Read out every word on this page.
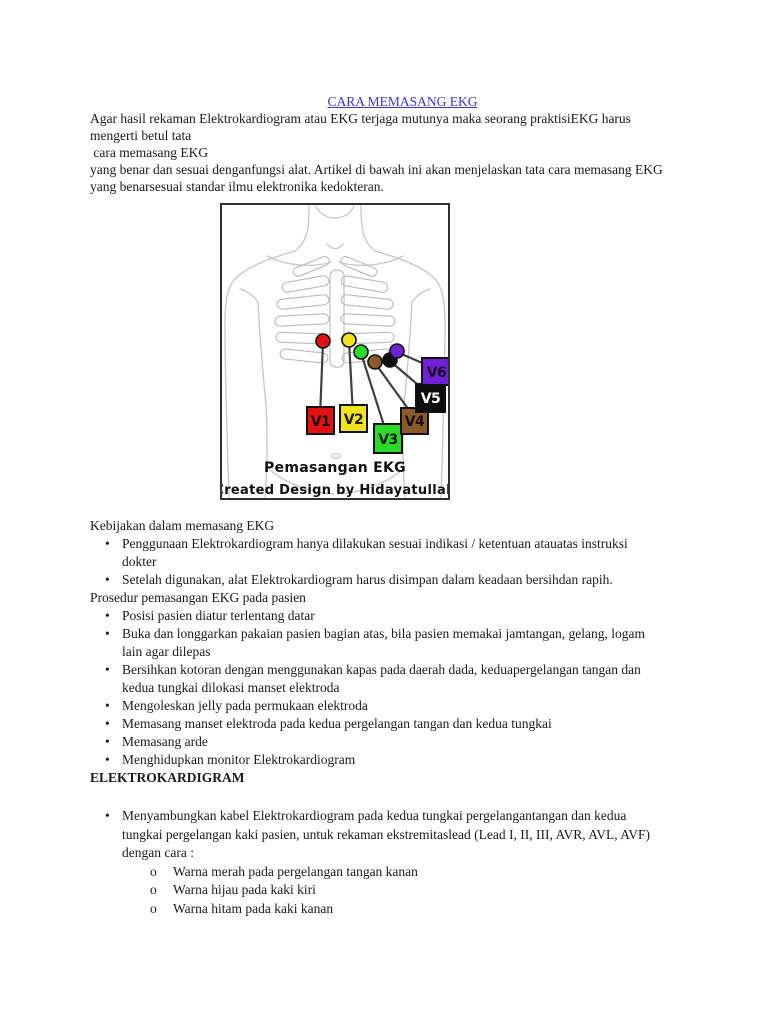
CARA MEMASANG EKG
Agar hasil rekaman Elektrokardiogram atau EKG terjaga mutunya maka seorang praktisiEKG harus
mengerti betul tata
cara memasang EKG
yang benar dan sesuai denganfungsi alat. Artikel di bawah ini akan menjelaskan tata cara memasang EKG
yang benarsesuai standar ilmu elektronika kedokteran.
V1 V2
V3
V4
V5
V6
Pemasangan EKG
Created Design by Hidayatullah
Kebijakan dalam memasang EKG
• Penggunaan Elektrokardiogram hanya dilakukan sesuai indikasi / ketentuan atauatas instruksi
dokter
• Setelah digunakan, alat Elektrokardiogram harus disimpan dalam keadaan bersihdan rapih.
Prosedur pemasangan EKG pada pasien
• Posisi pasien diatur terlentang datar
• Buka dan longgarkan pakaian pasien bagian atas, bila pasien memakai jamtangan, gelang, logam
lain agar dilepas
• Bersihkan kotoran dengan menggunakan kapas pada daerah dada, keduapergelangan tangan dan
kedua tungkai dilokasi manset elektroda
• Mengoleskan jelly pada permukaan elektroda
• Memasang manset elektroda pada kedua pergelangan tangan dan kedua tungkai
• Memasang arde
• Menghidupkan monitor Elektrokardiogram
ELEKTROKARDIGRAM
• Menyambungkan kabel Elektrokardiogram pada kedua tungkai pergelangantangan dan kedua
tungkai pergelangan kaki pasien, untuk rekaman ekstremitaslead (Lead I, II, III, AVR, AVL, AVF)
dengan cara :
o Warna merah pada pergelangan tangan kanan
o Warna hijau pada kaki kiri
o Warna hitam pada kaki kanan
